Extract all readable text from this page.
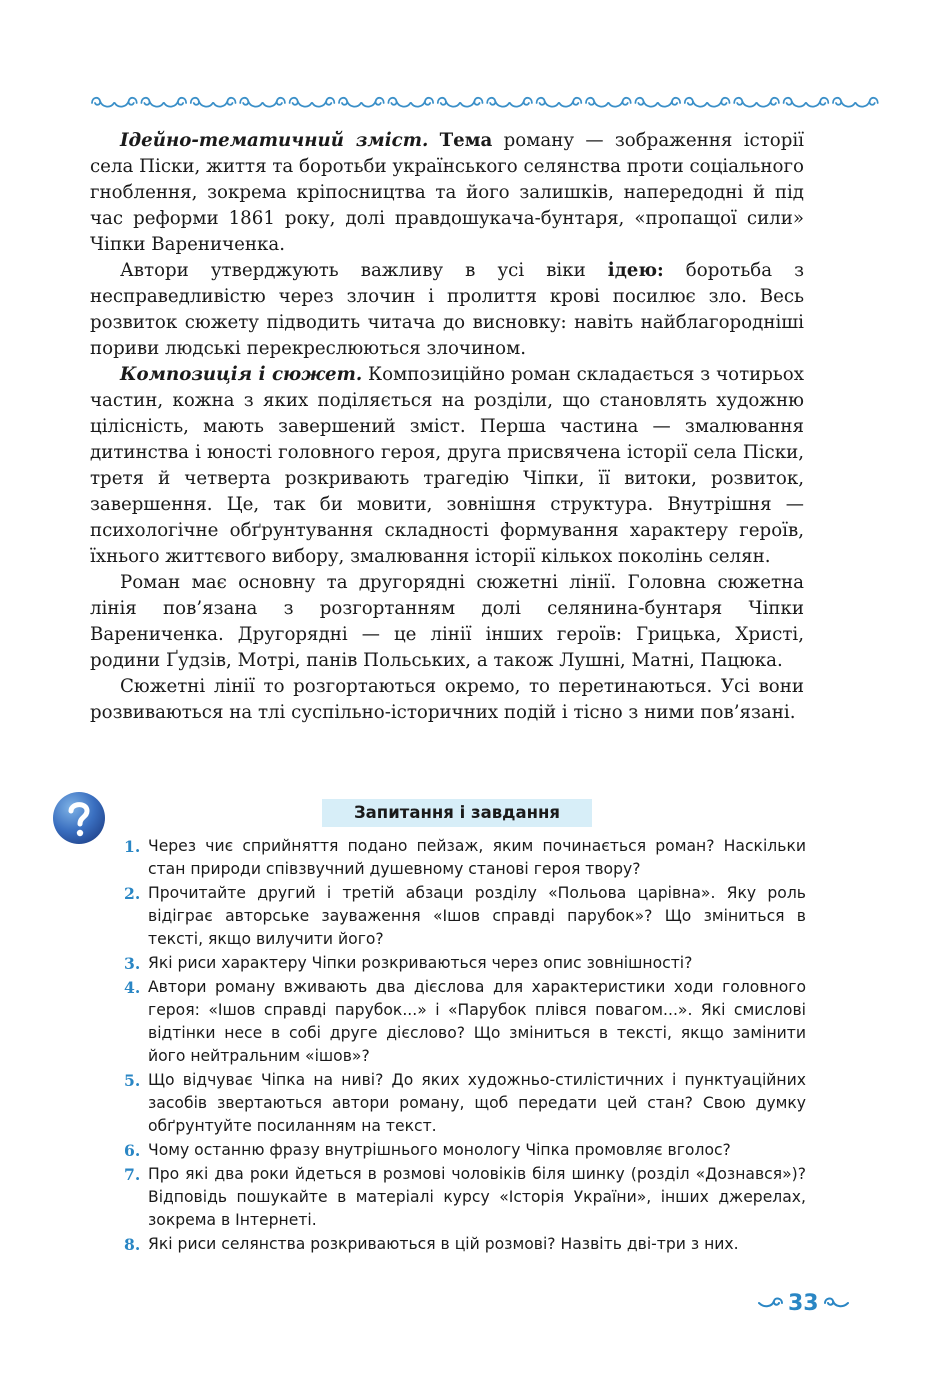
Ідейно-тематичний зміст. Тема роману — зображення історії села Піски, життя та боротьби українського селянства проти соціального гноблення, зокрема кріпосництва та його залишків, напередодні й під час реформи 1861 року, долі правдошукача-бунтаря, «пропащої сили» Чіпки Варениченка.

Автори утверджують важливу в усі віки ідею: боротьба з несправедливістю через злочин і пролиття крові посилює зло. Весь розвиток сюжету підводить читача до висновку: навіть найблагородніші пориви людські перекреслюються злочином.

Композиція і сюжет. Композиційно роман складається з чотирьох частин, кожна з яких поділяється на розділи, що становлять художню цілісність, мають завершений зміст. Перша частина — змалювання дитинства і юності головного героя, друга присвячена історії села Піски, третя й четверта розкривають трагедію Чіпки, її витоки, розвиток, завершення. Це, так би мовити, зовнішня структура. Внутрішня — психологічне обґрунтування складності формування характеру героїв, їхнього життєвого вибору, змалювання історії кількох поколінь селян.

Роман має основну та другорядні сюжетні лінії. Головна сюжетна лінія пов’язана з розгортанням долі селянина-бунтаря Чіпки Варениченка. Другорядні — це лінії інших героїв: Грицька, Христі, родини Ґудзів, Мотрі, панів Польських, а також Лушні, Матні, Пацюка.

Сюжетні лінії то розгортаються окремо, то перетинаються. Усі вони розвиваються на тлі суспільно-історичних подій і тісно з ними пов’язані.

Запитання і завдання
1. Через чиє сприйняття подано пейзаж, яким починається роман? Наскільки стан природи співзвучний душевному станові героя твору?
2. Прочитайте другий і третій абзаци розділу «Польова царівна». Яку роль відіграє авторське зауваження «Ішов справді парубок»? Що зміниться в тексті, якщо вилучити його?
3. Які риси характеру Чіпки розкриваються через опис зовнішності?
4. Автори роману вживають два дієслова для характеристики ходи головного героя: «Ішов справді парубок...» і «Парубок плівся повагом...». Які смислові відтінки несе в собі друге дієслово? Що зміниться в тексті, якщо замінити його нейтральним «ішов»?
5. Що відчуває Чіпка на ниві? До яких художньо-стилістичних і пунктуаційних засобів звертаються автори роману, щоб передати цей стан? Свою думку обґрунтуйте посиланням на текст.
6. Чому останню фразу внутрішнього монологу Чіпка промовляє вголос?
7. Про які два роки йдеться в розмові чоловіків біля шинку (розділ «Дознався»)? Відповідь пошукайте в матеріалі курсу «Історія України», інших джерелах, зокрема в Інтернеті.
8. Які риси селянства розкриваються в цій розмові? Назвіть дві-три з них.
33
